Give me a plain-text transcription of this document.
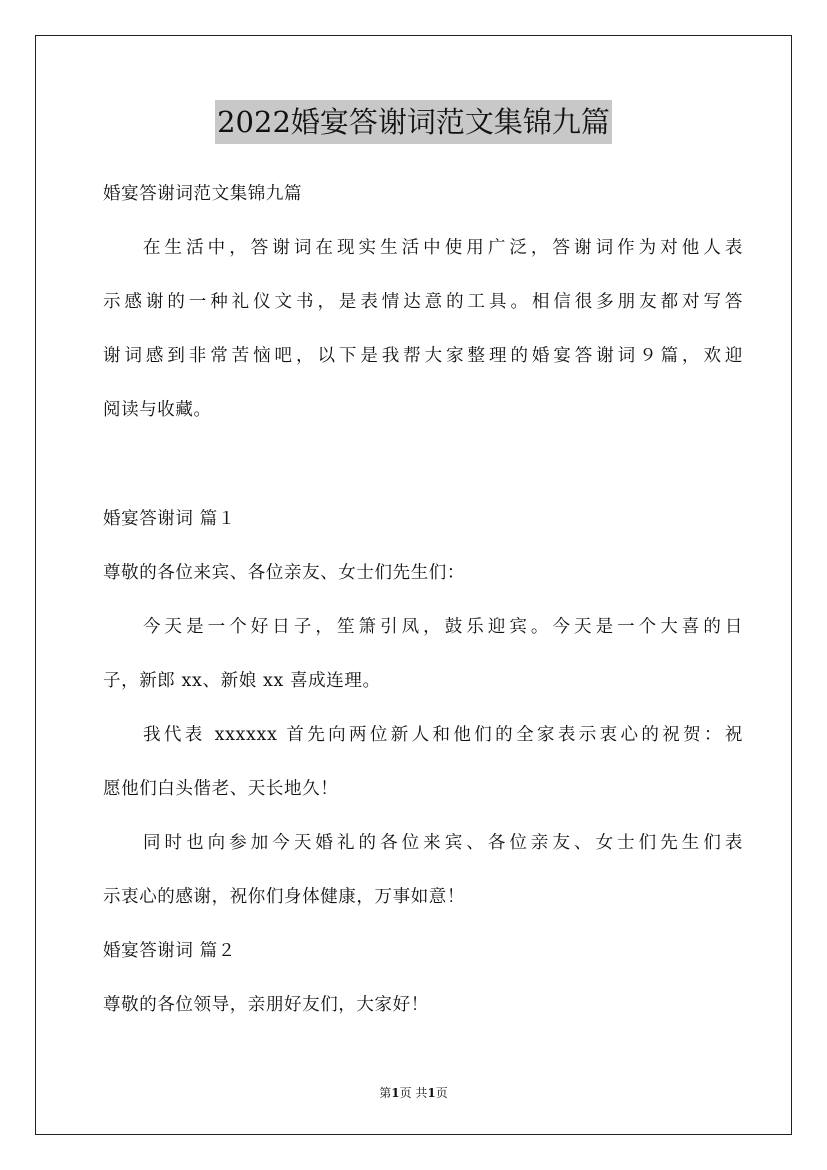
2022婚宴答谢词范文集锦九篇
婚宴答谢词范文集锦九篇
在生活中，答谢词在现实生活中使用广泛，答谢词作为对他人表
示感谢的一种礼仪文书，是表情达意的工具。相信很多朋友都对写答
谢词感到非常苦恼吧，以下是我帮大家整理的婚宴答谢词９篇，欢迎
阅读与收藏。
婚宴答谢词 篇１
尊敬的各位来宾、各位亲友、女士们先生们：
今天是一个好日子，笙箫引凤，鼓乐迎宾。今天是一个大喜的日
子，新郎 xx、新娘 xx 喜成连理。
我代表 xxxxxx 首先向两位新人和他们的全家表示衷心的祝贺：祝
愿他们白头偕老、天长地久！
同时也向参加今天婚礼的各位来宾、各位亲友、女士们先生们表
示衷心的感谢，祝你们身体健康，万事如意！
婚宴答谢词 篇２
尊敬的各位领导，亲朋好友们，大家好！
第1页 共1页
